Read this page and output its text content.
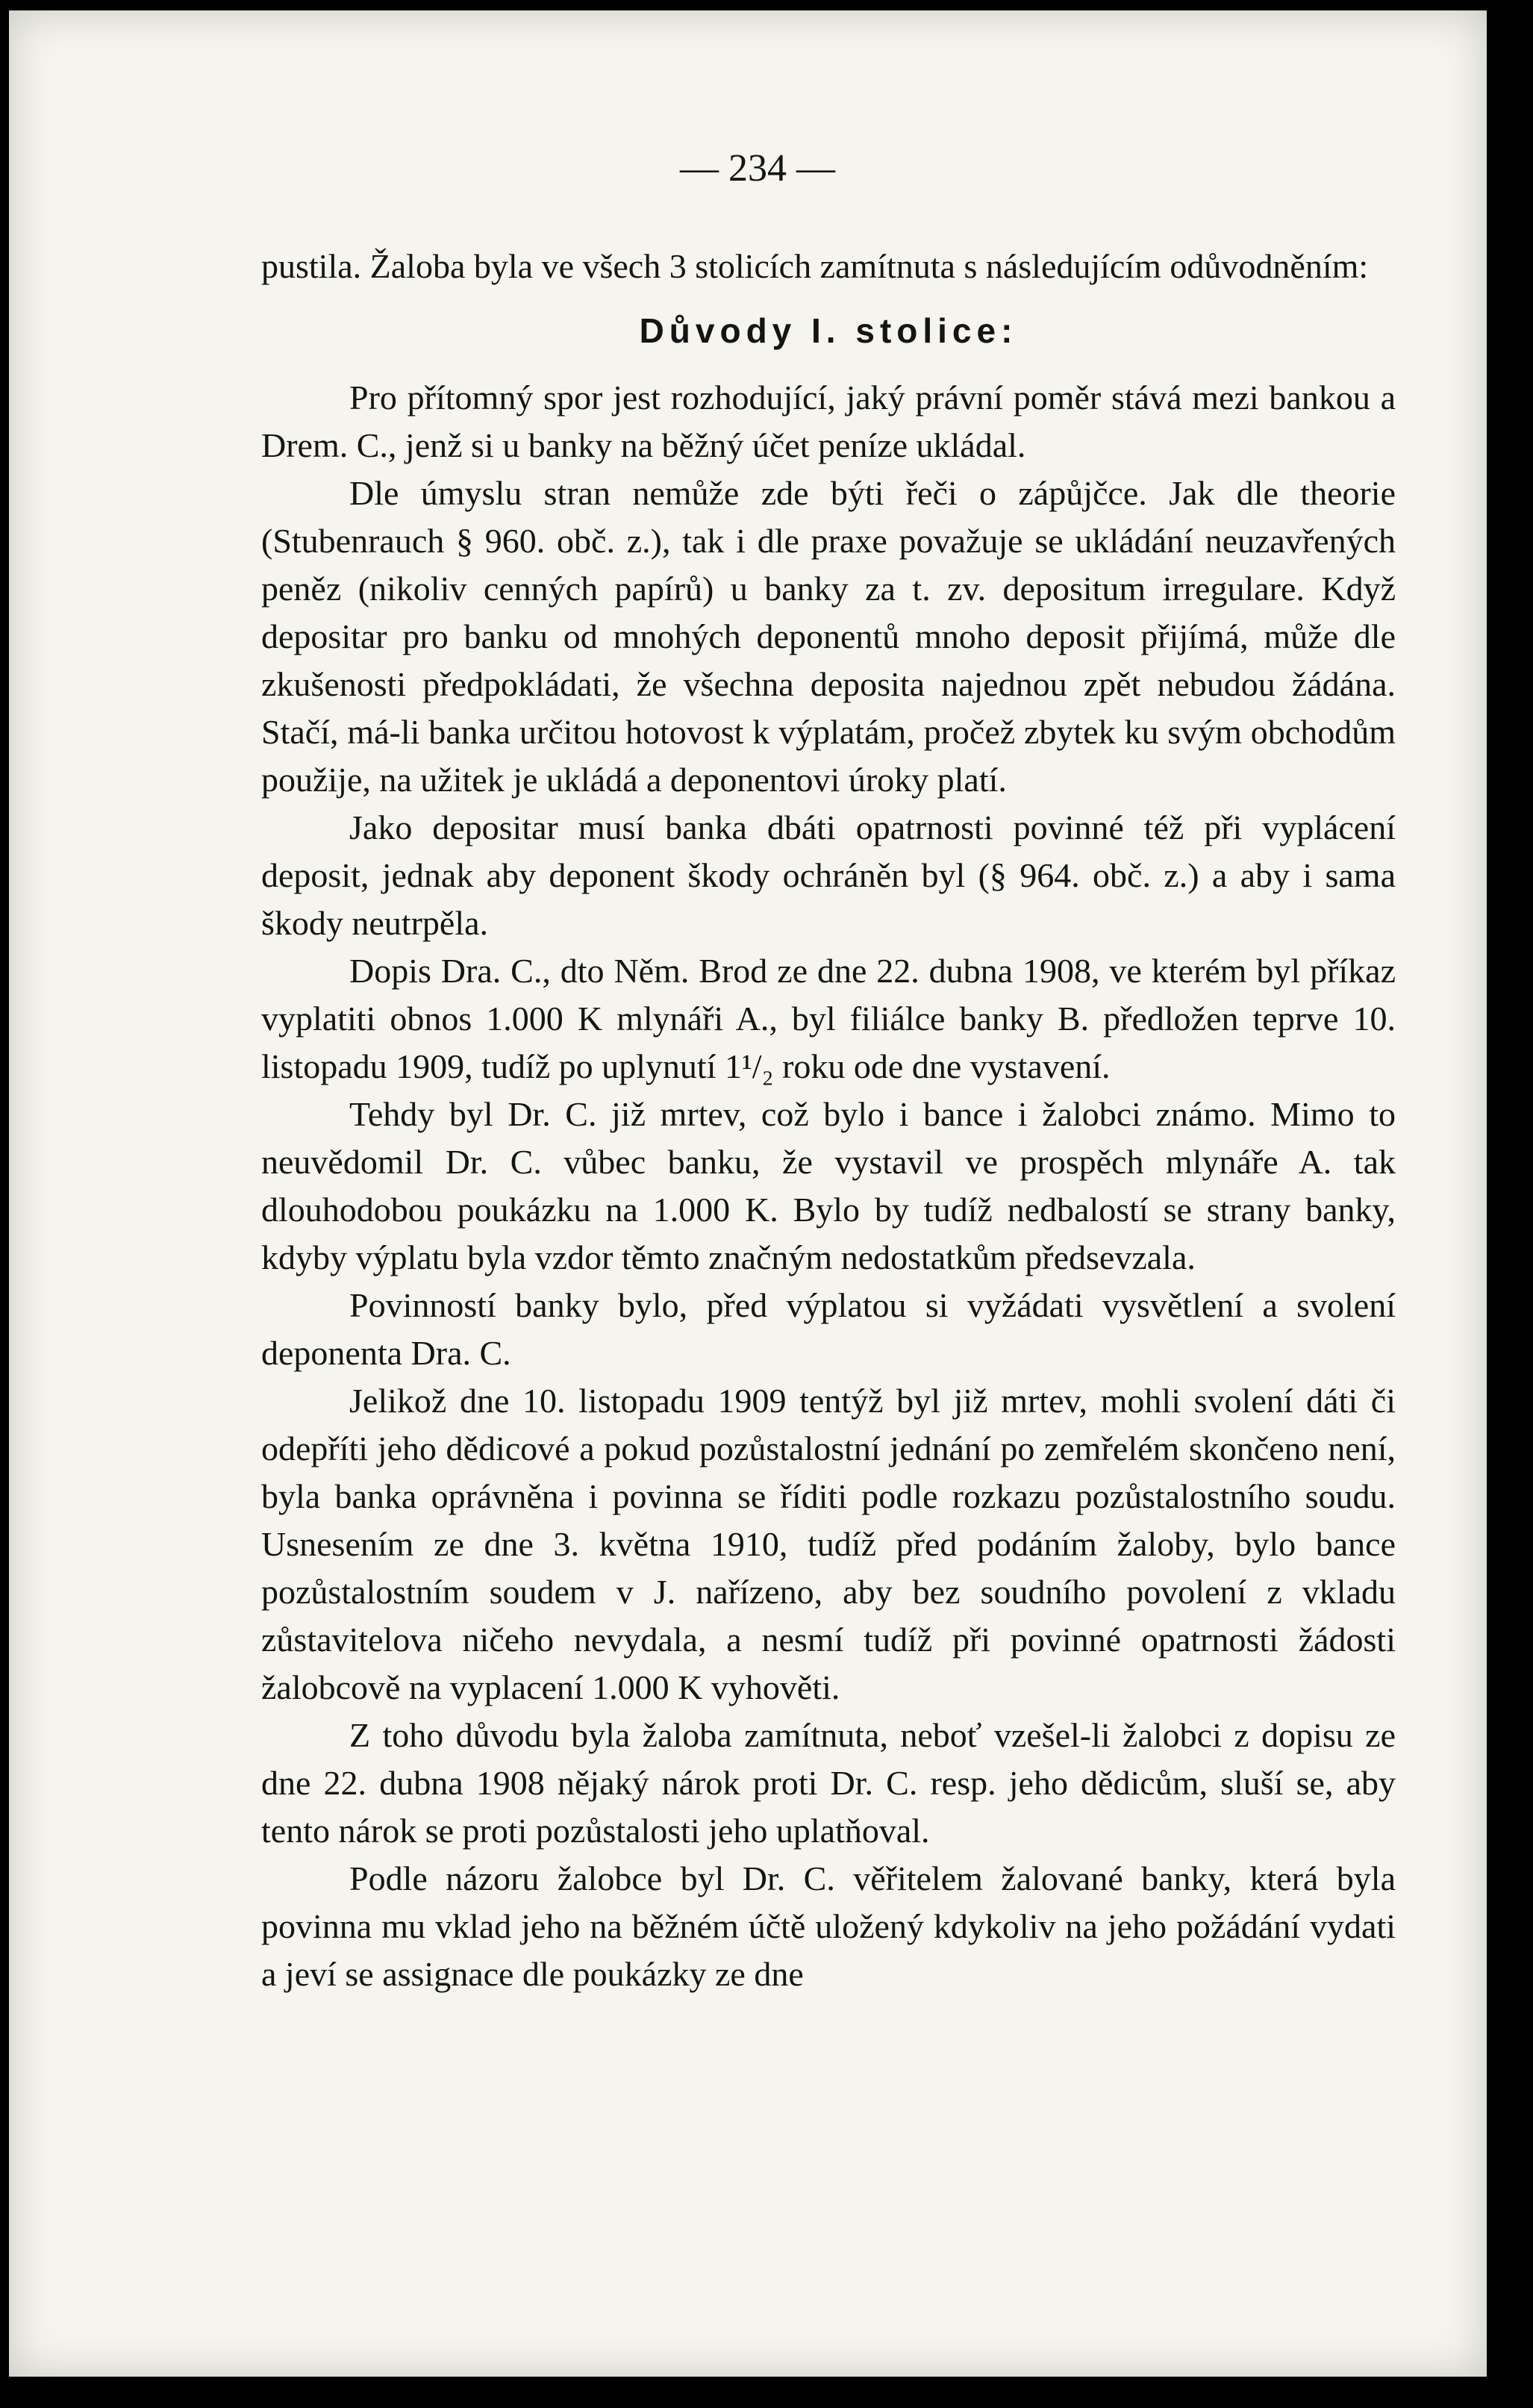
— 234 —

pustila. Žaloba byla ve všech 3 stolicích zamítnuta s následujícím odůvodněním:

Důvody I. stolice:

Pro přítomný spor jest rozhodující, jaký právní poměr stává mezi bankou a Drem. C., jenž si u banky na běžný účet peníze ukládal.

Dle úmyslu stran nemůže zde býti řeči o zápůjčce. Jak dle theorie (Stubenrauch § 960. obč. z.), tak i dle praxe považuje se ukládání neuzavřených peněz (nikoliv cenných papírů) u banky za t. zv. depositum irregulare. Když depositar pro banku od mnohých deponentů mnoho deposit přijímá, může dle zkušenosti předpokládati, že všechna deposita najednou zpět nebudou žádána. Stačí, má-li banka určitou hotovost k výplatám, pročež zbytek ku svým obchodům použije, na užitek je ukládá a deponentovi úroky platí.

Jako depositar musí banka dbáti opatrnosti povinné též při vyplácení deposit, jednak aby deponent škody ochráněn byl (§ 964. obč. z.) a aby i sama škody neutrpěla.

Dopis Dra. C., dto Něm. Brod ze dne 22. dubna 1908, ve kterém byl příkaz vyplatiti obnos 1.000 K mlynáři A., byl filiálce banky B. předložen teprve 10. listopadu 1909, tudíž po uplynutí 1¹/₂ roku ode dne vystavení.

Tehdy byl Dr. C. již mrtev, což bylo i bance i žalobci známo. Mimo to neuvědomil Dr. C. vůbec banku, že vystavil ve prospěch mlynáře A. tak dlouhodobou poukázku na 1.000 K. Bylo by tudíž nedbalostí se strany banky, kdyby výplatu byla vzdor těmto značným nedostatkům předsevzala.

Povinností banky bylo, před výplatou si vyžádati vysvětlení a svolení deponenta Dra. C.

Jelikož dne 10. listopadu 1909 tentýž byl již mrtev, mohli svolení dáti či odepříti jeho dědicové a pokud pozůstalostní jednání po zemřelém skončeno není, byla banka oprávněna i povinna se říditi podle rozkazu pozůstalostního soudu. Usnesením ze dne 3. května 1910, tudíž před podáním žaloby, bylo bance pozůstalostním soudem v J. nařízeno, aby bez soudního povolení z vkladu zůstavitelova ničeho nevydala, a nesmí tudíž při povinné opatrnosti žádosti žalobcově na vyplacení 1.000 K vyhověti.

Z toho důvodu byla žaloba zamítnuta, neboť vzešel-li žalobci z dopisu ze dne 22. dubna 1908 nějaký nárok proti Dr. C. resp. jeho dědicům, sluší se, aby tento nárok se proti pozůstalosti jeho uplatňoval.

Podle názoru žalobce byl Dr. C. věřitelem žalované banky, která byla povinna mu vklad jeho na běžném účtě uložený kdykoliv na jeho požádání vydati a jeví se assignace dle poukázky ze dne
